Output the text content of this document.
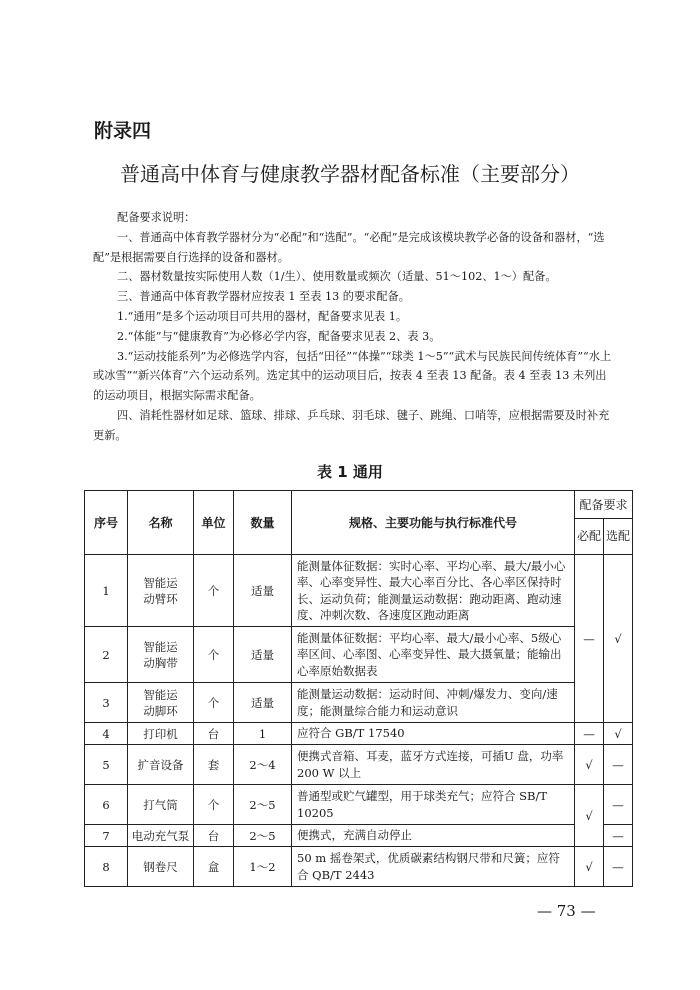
附录四
普通高中体育与健康教学器材配备标准（主要部分）

配备要求说明：

一、普通高中体育教学器材分为“必配”和“选配”。“必配”是完成该模块教学必备的设备和器材，“选配”是根据需要自行选择的设备和器材。

二、器材数量按实际使用人数（1/生）、使用数量或频次（适量、51～102、1～）配备。

三、普通高中体育教学器材应按表 1 至表 13 的要求配备。

1.“通用”是多个运动项目可共用的器材，配备要求见表 1。

2.“体能”与“健康教育”为必修必学内容，配备要求见表 2、表 3。

3.“运动技能系列”为必修选学内容，包括“田径”“体操”“球类 1～5”“武术与民族民间传统体育”“水上或冰雪”“新兴体育”六个运动系列。选定其中的运动项目后，按表 4 至表 13 配备。表 4 至表 13 未列出的运动项目，根据实际需求配备。

四、消耗性器材如足球、篮球、排球、乒乓球、羽毛球、毽子、跳绳、口哨等，应根据需要及时补充更新。

表 1 通用
序号	名称	单位	数量	规格、主要功能与执行标准代号	配备要求	
					必配	选配
1	智能运动臂环	个	适量	能测量体征数据：实时心率、平均心率、最大/最小心率、心率变异性、最大心率百分比、各心率区保持时长、运动负荷；能测量运动数据：跑动距离、跑动速度、冲刺次数、各速度区跑动距离	—	√
2	智能运动胸带	个	适量	能测量体征数据：平均心率、最大/最小心率、5级心率区间、心率图、心率变异性、最大摄氧量；能输出心率原始数据表		
3	智能运动脚环	个	适量	能测量运动数据：运动时间、冲刺/爆发力、变向/速度；能测量综合能力和运动意识		
4	打印机	台	1	应符合 GB/T 17540	—	√
5	扩音设备	套	2～4	便携式音箱、耳麦，蓝牙方式连接，可插U 盘，功率 200 W 以上	√	—
6	打气筒	个	2～5	普通型或贮气罐型，用于球类充气；应符合 SB/T 10205	√	—
7	电动充气泵	台	2～5	便携式，充满自动停止		—
8	钢卷尺	盒	1～2	50 m 摇卷架式，优质碳素结构钢尺带和尺簧；应符合 QB/T 2443	√	—
— 73 —
